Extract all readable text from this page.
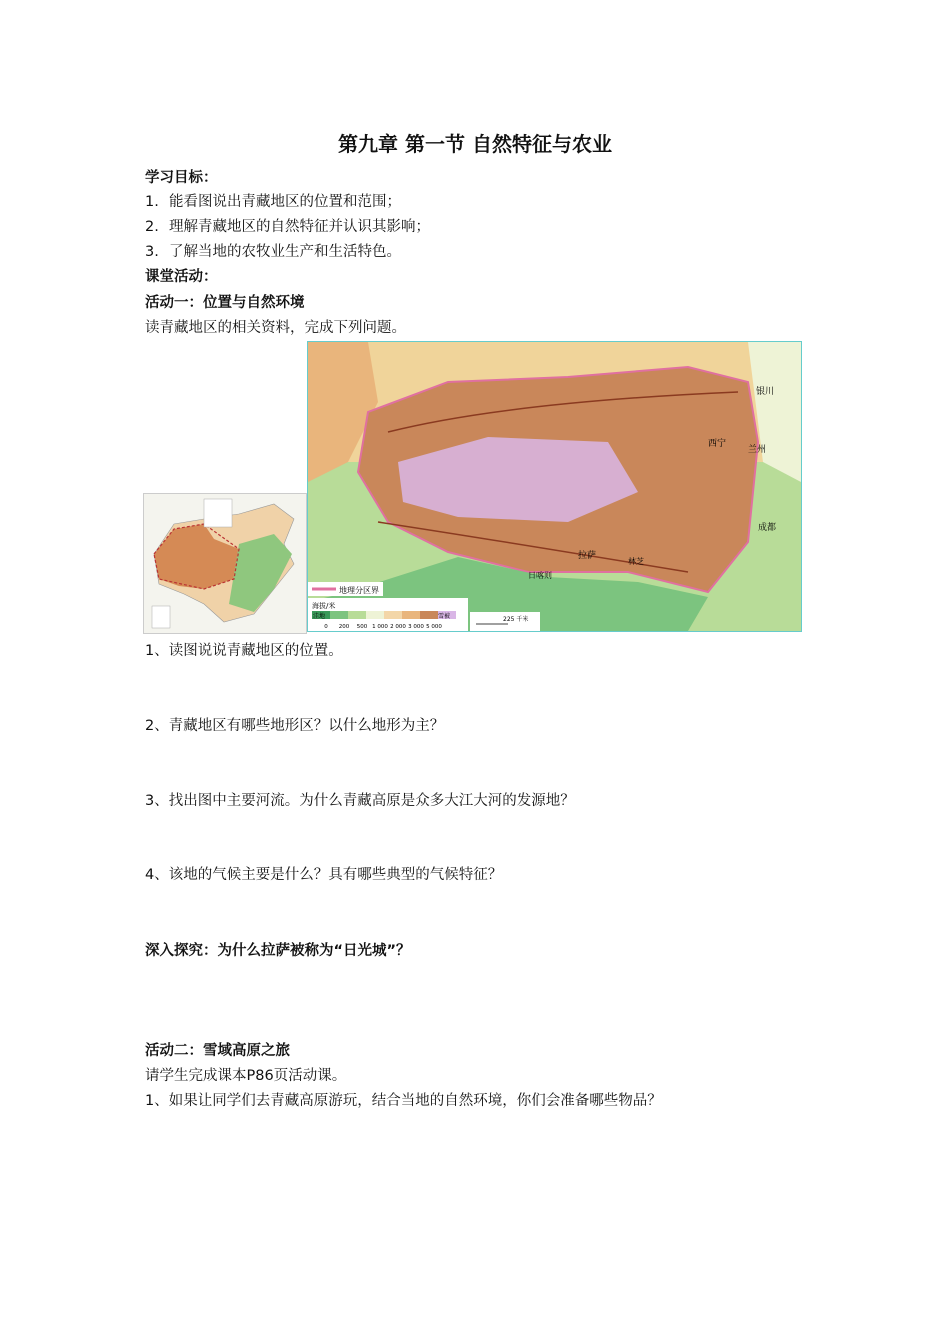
第九章 第一节 自然特征与农业
学习目标：
1. 能看图说出青藏地区的位置和范围；
2. 理解青藏地区的自然特征并认识其影响；
3. 了解当地的农牧业生产和生活特色。
课堂活动：
活动一：位置与自然环境
读青藏地区的相关资料，完成下列问题。
银川
兰州
西宁
成都
拉萨
日喀则
林芝
地理分区界
海拔/米
洼地	雪被
0 200 500 1 000 2 000 3 000 5 000
225 千米
1、读图说说青藏地区的位置。
2、青藏地区有哪些地形区？以什么地形为主？
3、找出图中主要河流。为什么青藏高原是众多大江大河的发源地？
4、该地的气候主要是什么？具有哪些典型的气候特征？
深入探究：为什么拉萨被称为“日光城”？
活动二：雪域高原之旅
请学生完成课本P86页活动课。
1、如果让同学们去青藏高原游玩，结合当地的自然环境，你们会准备哪些物品？
